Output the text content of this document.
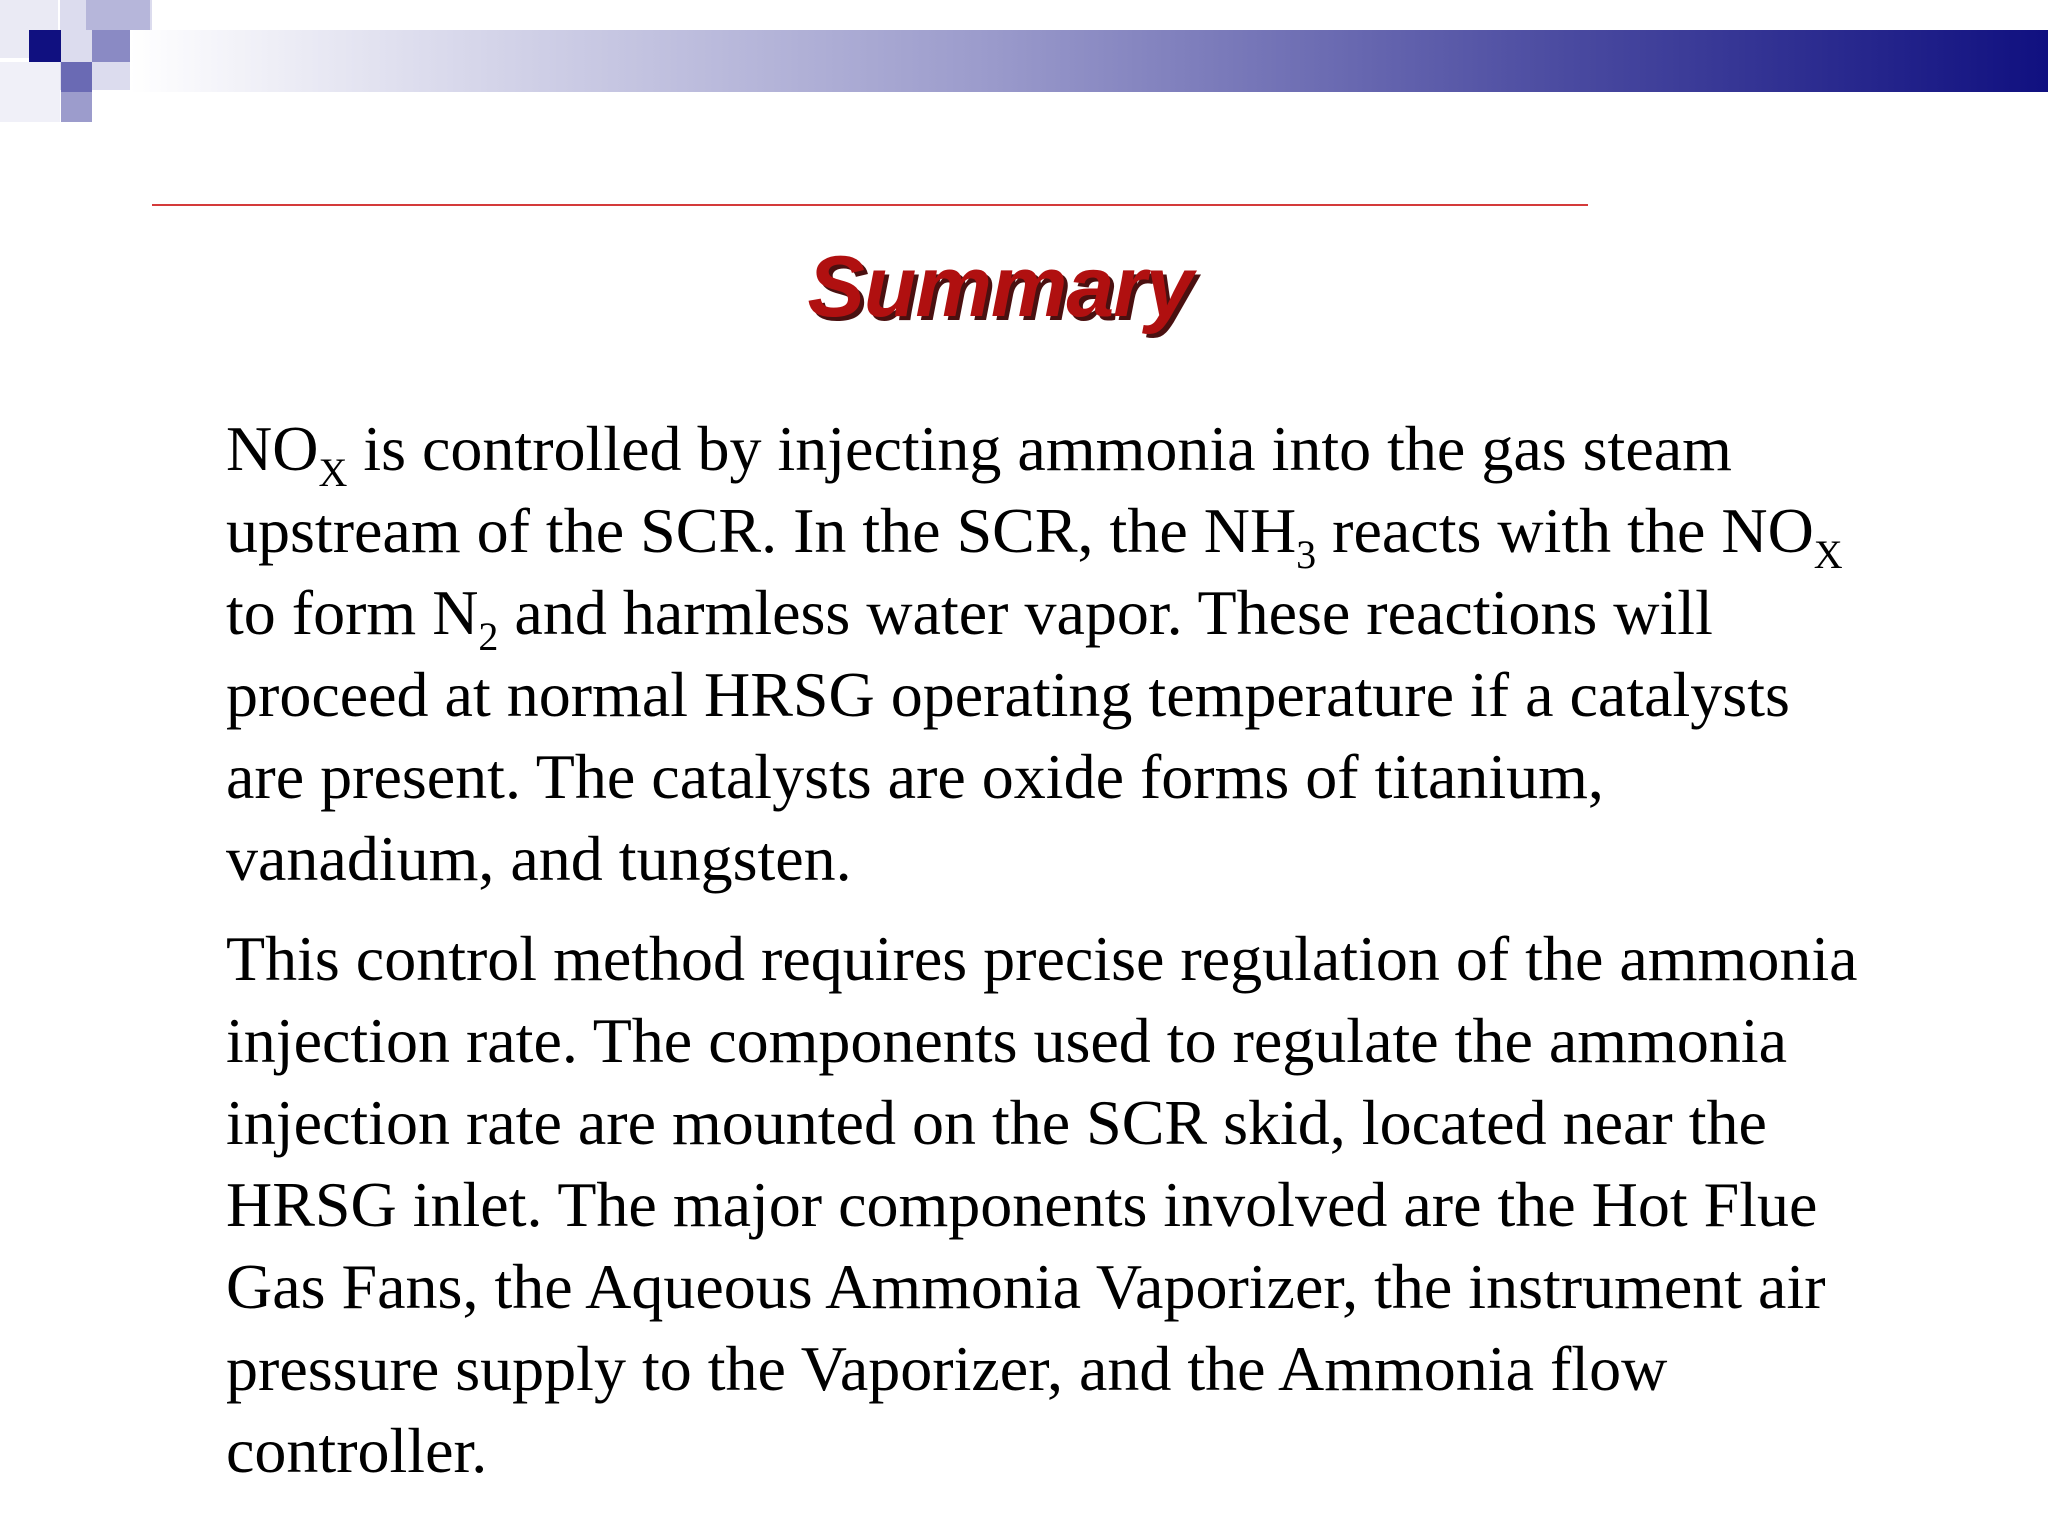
Summary

$NO_X$ is controlled by injecting ammonia into the gas steam upstream of the SCR. In the SCR, the $NH_3$ reacts with the $NO_X$ to form $N_2$ and harmless water vapor. These reactions will proceed at normal HRSG operating temperature if a catalysts are present. The catalysts are oxide forms of titanium, vanadium, and tungsten.

This control method requires precise regulation of the ammonia injection rate. The components used to regulate the ammonia injection rate are mounted on the SCR skid, located near the HRSG inlet. The major components involved are the Hot Flue Gas Fans, the Aqueous Ammonia Vaporizer, the instrument air pressure supply to the Vaporizer, and the Ammonia flow controller.
